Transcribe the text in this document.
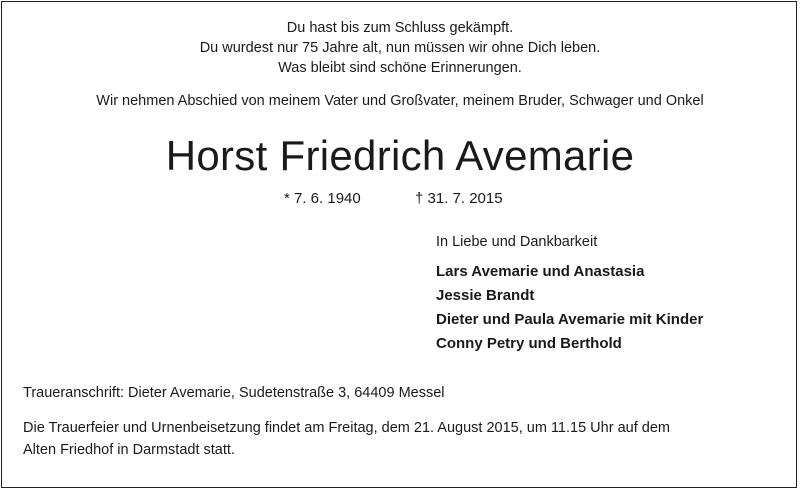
Du hast bis zum Schluss gekämpft.
Du wurdest nur 75 Jahre alt, nun müssen wir ohne Dich leben.
Was bleibt sind schöne Erinnerungen.
Wir nehmen Abschied von meinem Vater und Großvater, meinem Bruder, Schwager und Onkel
Horst Friedrich Avemarie
* 7. 6. 1940	† 31. 7. 2015
In Liebe und Dankbarkeit
Lars Avemarie und Anastasia
Jessie Brandt
Dieter und Paula Avemarie mit Kinder
Conny Petry und Berthold
Traueranschrift: Dieter Avemarie, Sudetenstraße 3, 64409 Messel
Die Trauerfeier und Urnenbeisetzung findet am Freitag, dem 21. August 2015, um 11.15 Uhr auf dem
Alten Friedhof in Darmstadt statt.
